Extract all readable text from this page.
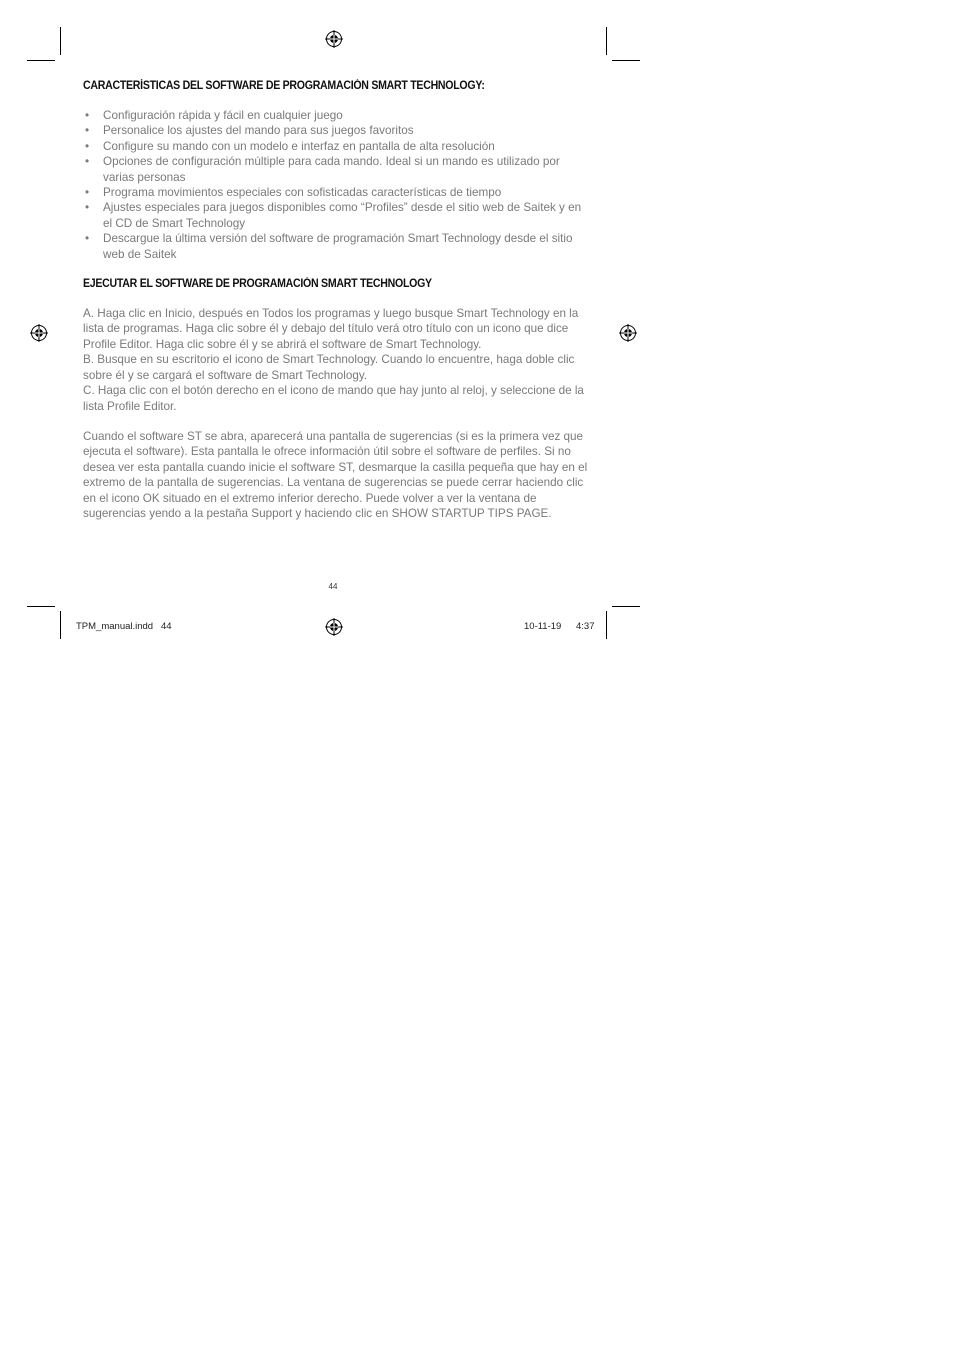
CARACTERÍSTICAS DEL SOFTWARE DE PROGRAMACIÓN SMART TECHNOLOGY:
• Configuración rápida y fácil en cualquier juego
• Personalice los ajustes del mando para sus juegos favoritos
• Configure su mando con un modelo e interfaz en pantalla de alta resolución
• Opciones de configuración múltiple para cada mando. Ideal si un mando es utilizado por varias personas
• Programa movimientos especiales con sofisticadas características de tiempo
• Ajustes especiales para juegos disponibles como “Profiles” desde el sitio web de Saitek y en el CD de Smart Technology
• Descargue la última versión del software de programación Smart Technology desde el sitio web de Saitek
EJECUTAR EL SOFTWARE DE PROGRAMACIÓN SMART TECHNOLOGY

A. Haga clic en Inicio, después en Todos los programas y luego busque Smart Technology en la lista de programas. Haga clic sobre él y debajo del título verá otro título con un icono que dice Profile Editor. Haga clic sobre él y se abrirá el software de Smart Technology.

B. Busque en su escritorio el icono de Smart Technology. Cuando lo encuentre, haga doble clic sobre él y se cargará el software de Smart Technology.

C. Haga clic con el botón derecho en el icono de mando que hay junto al reloj, y seleccione de la lista Profile Editor.

Cuando el software ST se abra, aparecerá una pantalla de sugerencias (si es la primera vez que ejecuta el software). Esta pantalla le ofrece información útil sobre el software de perfiles. Si no desea ver esta pantalla cuando inicie el software ST, desmarque la casilla pequeña que hay en el extremo de la pantalla de sugerencias. La ventana de sugerencias se puede cerrar haciendo clic en el icono OK situado en el extremo inferior derecho. Puede volver a ver la ventana de sugerencias yendo a la pestaña Support y haciendo clic en SHOW STARTUP TIPS PAGE.

44
TPM_manual.indd   44	10-11-19 4:37
